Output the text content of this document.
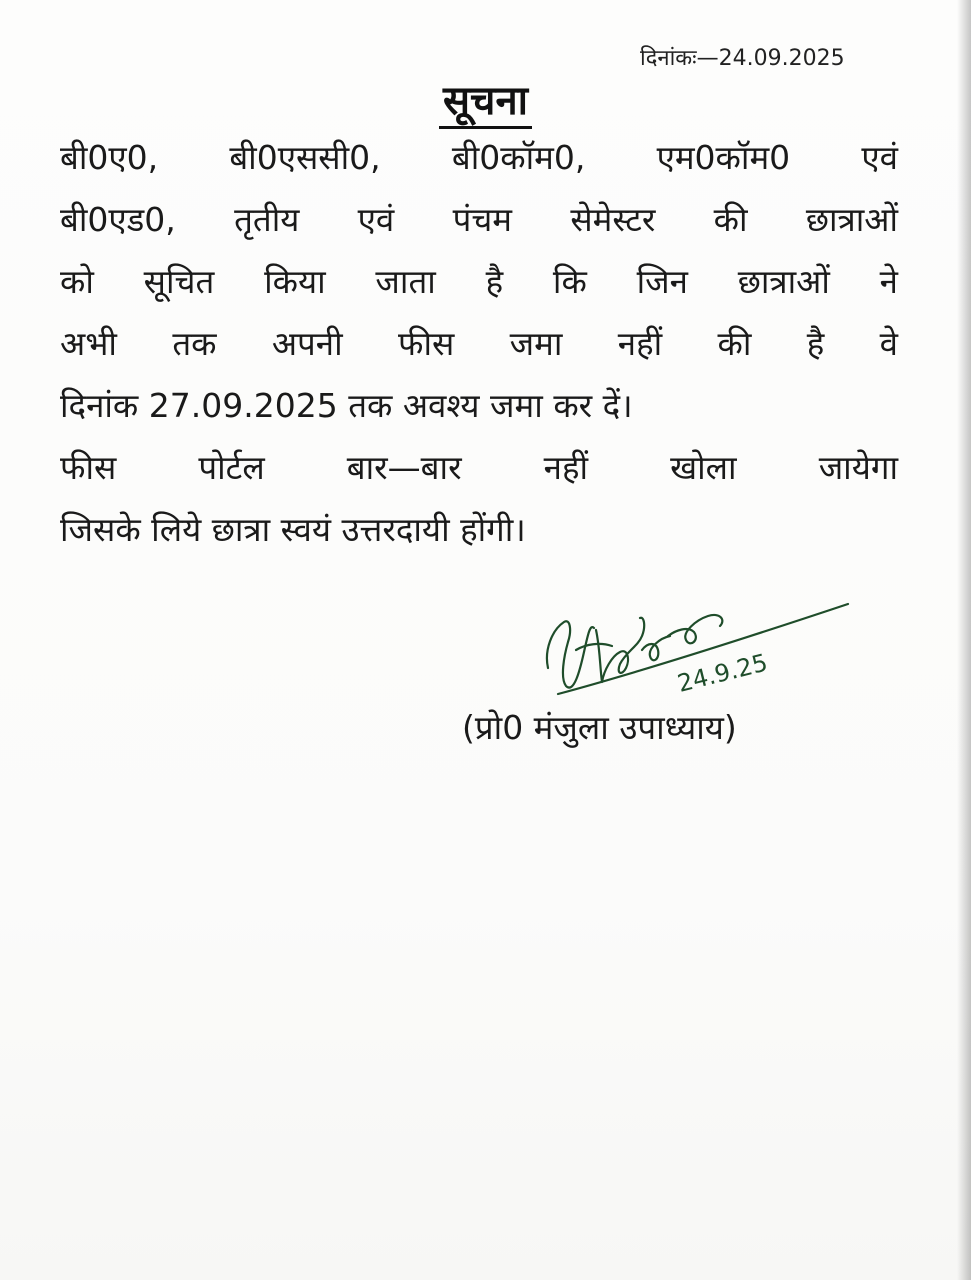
दिनांकः—24.09.2025
सूचना
बी0ए0, बी0एससी0, बी0कॉम0, एम0कॉम0 एवं
बी0एड0, तृतीय एवं पंचम सेमेस्टर की छात्राओं
को सूचित किया जाता है कि जिन छात्राओं ने
अभी तक अपनी फीस जमा नहीं की है वे
दिनांक 27.09.2025 तक अवश्य जमा कर दें।
फीस पोर्टल बार—बार नहीं खोला जायेगा
जिसके लिये छात्रा स्वयं उत्तरदायी होंगी।
24.9.25
(प्रो0 मंजुला उपाध्याय)
